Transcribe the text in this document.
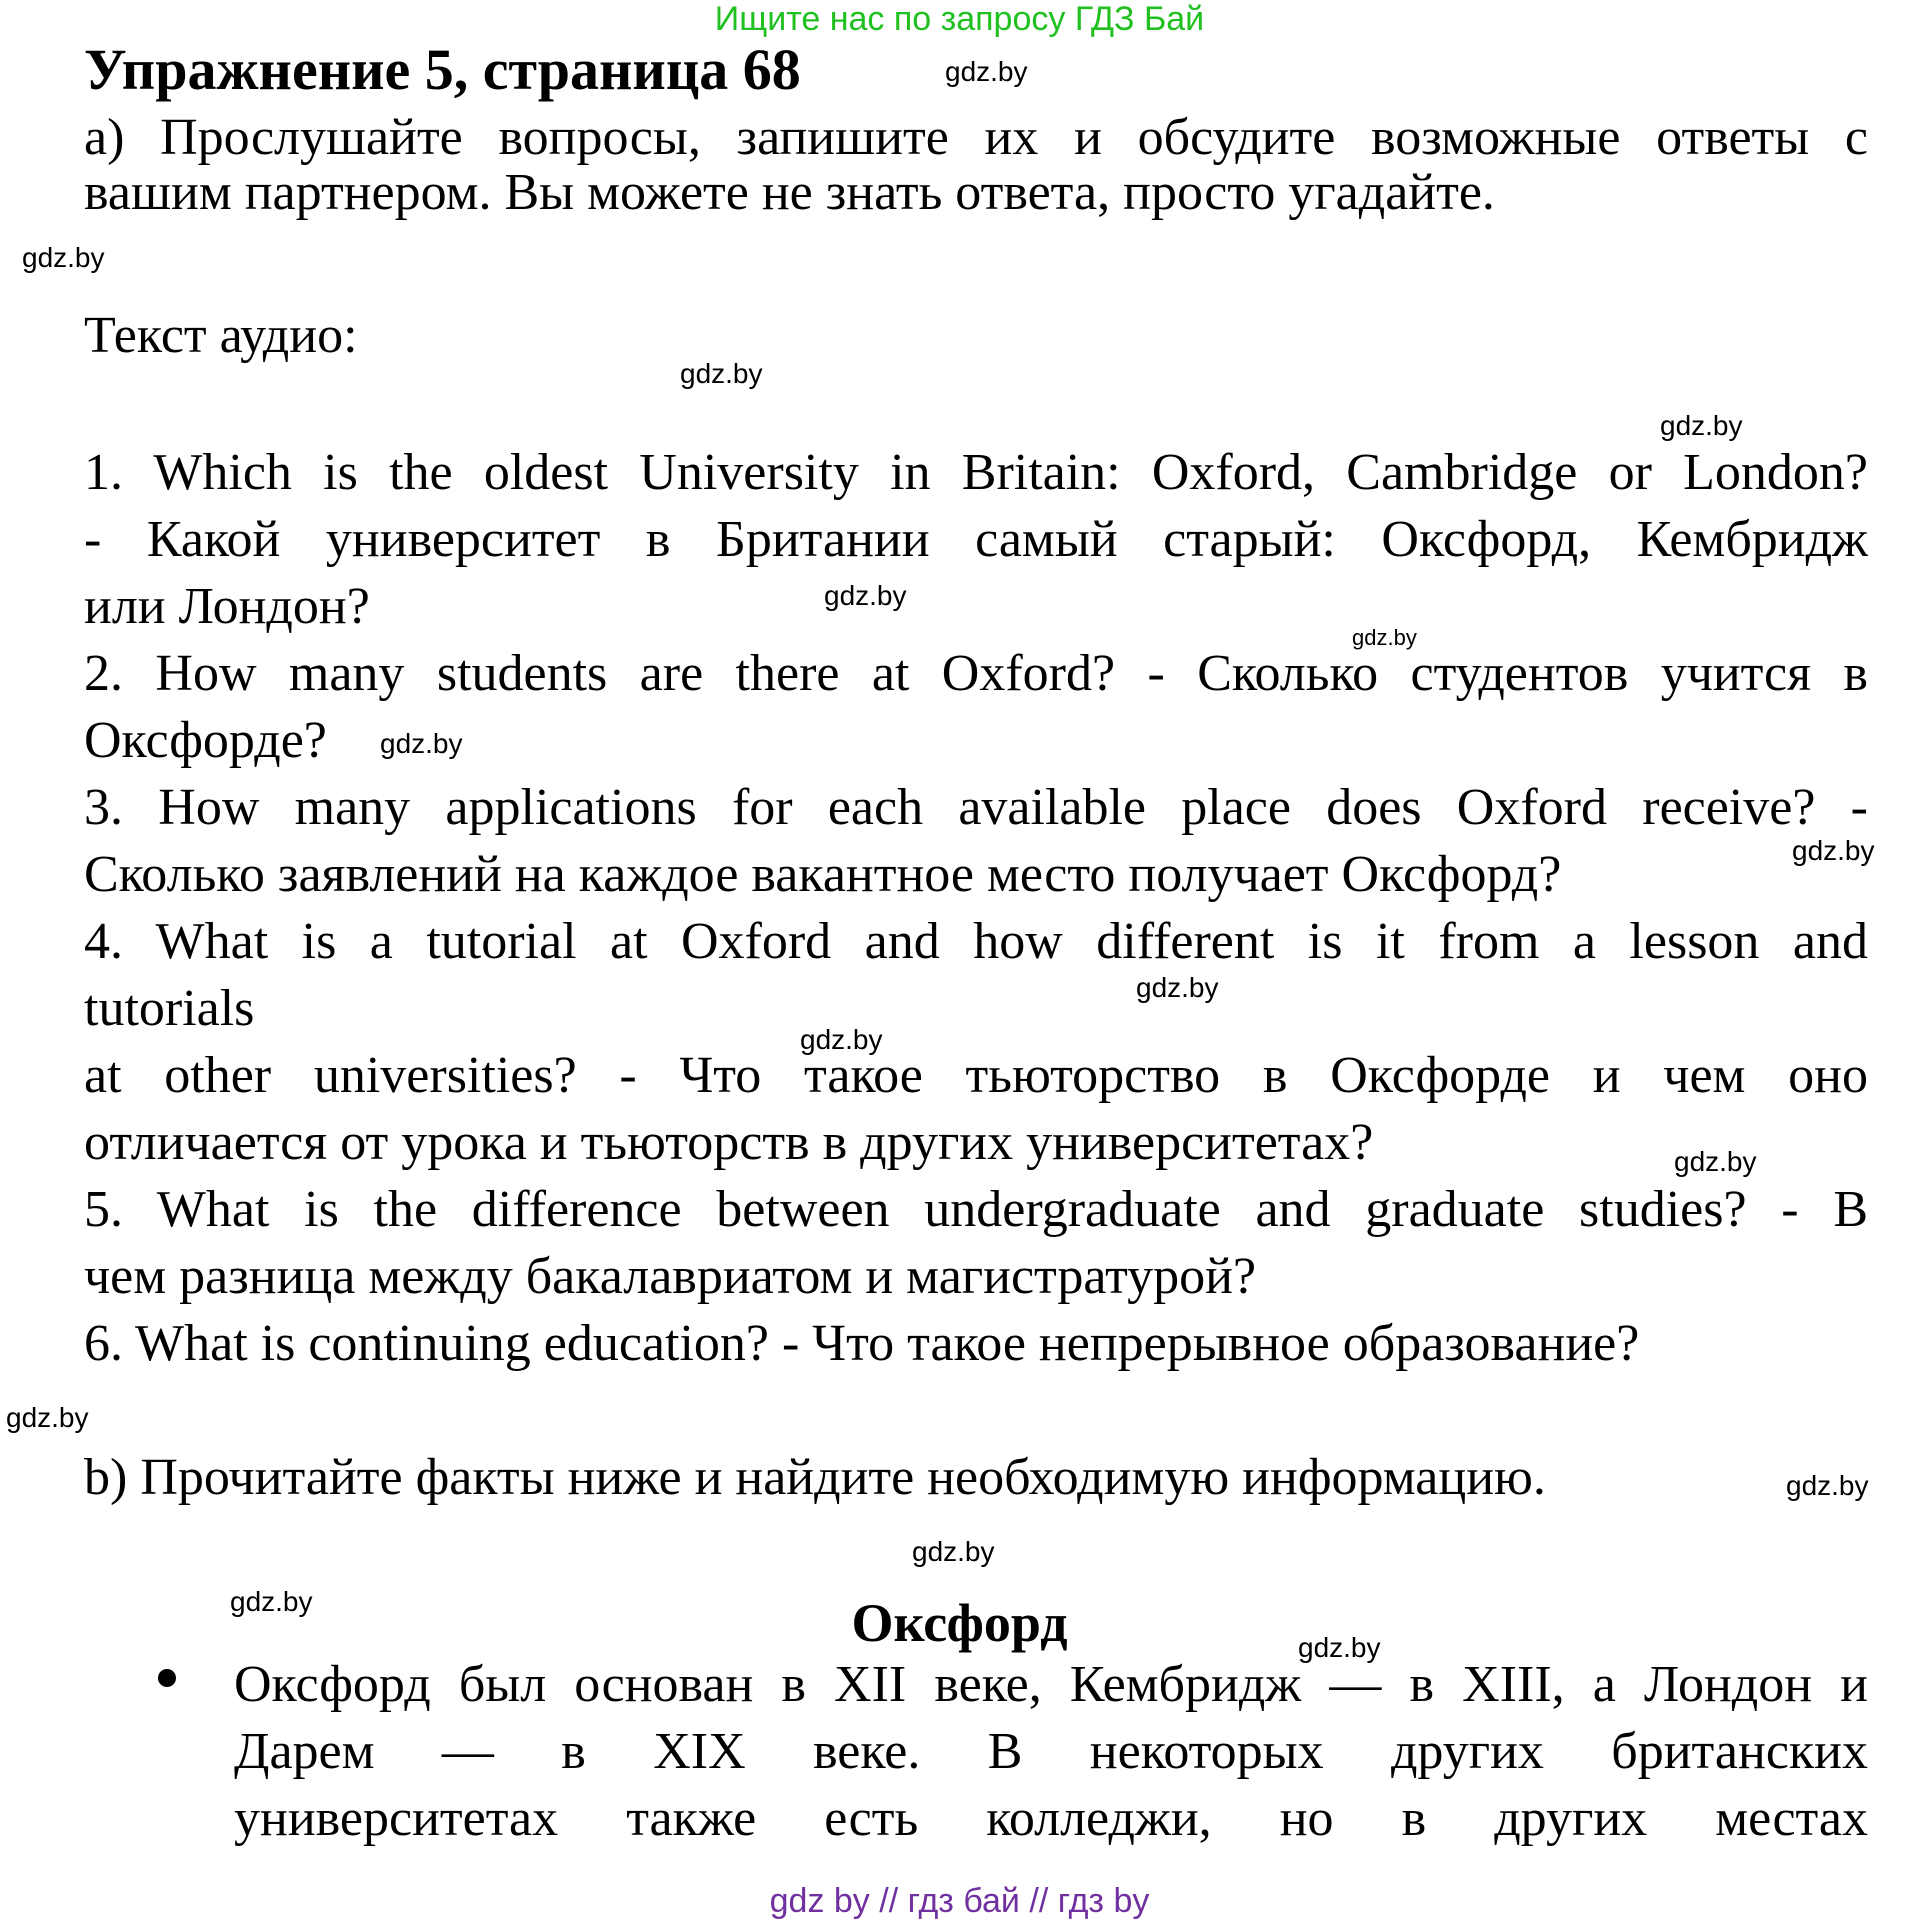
Ищите нас по запросу ГДЗ Бай
Упражнение 5, страница 68
a) Прослушайте вопросы, запишите их и обсудите возможные ответы с
вашим партнером. Вы можете не знать ответа, просто угадайте.
Текст аудио:
1. Which is the oldest University in Britain: Oxford, Cambridge or London?
- Какой университет в Британии самый старый: Оксфорд, Кембридж
или Лондон?
2. How many students are there at Oxford? - Сколько студентов учится в
Оксфорде?
3. How many applications for each available place does Oxford receive? -
Сколько заявлений на каждое вакантное место получает Оксфорд?
4. What is a tutorial at Oxford and how different is it from a lesson and
tutorials
at other universities? - Что такое тьюторство в Оксфорде и чем оно
отличается от урока и тьюторств в других университетах?
5. What is the difference between undergraduate and graduate studies? - В
чем разница между бакалавриатом и магистратурой?
6. What is continuing education? - Что такое непрерывное образование?
b) Прочитайте факты ниже и найдите необходимую информацию.
Оксфорд
Оксфорд был основан в XII веке, Кембридж — в XIII, а Лондон и
Дарем — в XIX веке. В некоторых других британских
университетах также есть колледжи, но в других местах
gdz.by
gdz.by
gdz.by
gdz.by
gdz.by
gdz.by
gdz.by
gdz.by
gdz.by
gdz.by
gdz.by
gdz.by
gdz.by
gdz.by
gdz.by
gdz.by
gdz by // гдз бай // гдз by
